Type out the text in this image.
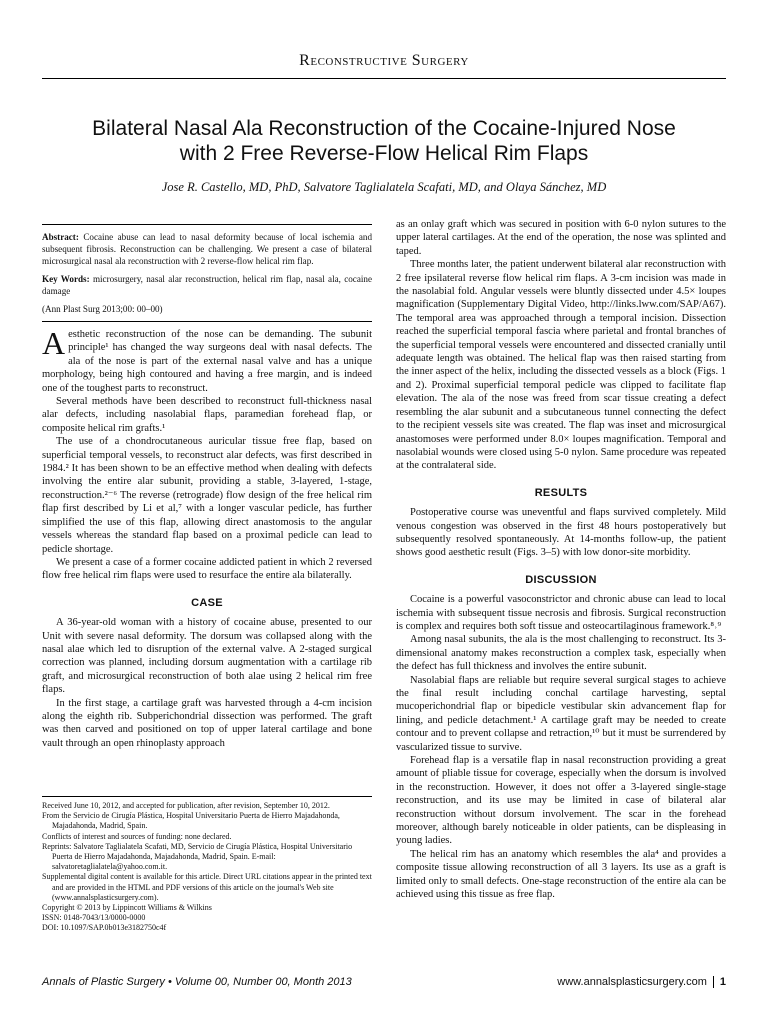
Reconstructive Surgery
Bilateral Nasal Ala Reconstruction of the Cocaine-Injured Nose
with 2 Free Reverse-Flow Helical Rim Flaps
Jose R. Castello, MD, PhD, Salvatore Taglialatela Scafati, MD, and Olaya Sánchez, MD
Abstract: Cocaine abuse can lead to nasal deformity because of local ischemia and subsequent fibrosis. Reconstruction can be challenging. We present a case of bilateral microsurgical nasal ala reconstruction with 2 reverse-flow helical rim flap.
Key Words: microsurgery, nasal alar reconstruction, helical rim flap, nasal ala, cocaine damage
(Ann Plast Surg 2013;00: 00–00)

Aesthetic reconstruction of the nose can be demanding. The subunit principle¹ has changed the way surgeons deal with nasal defects. The ala of the nose is part of the external nasal valve and has a unique morphology, being high contoured and having a free margin, and is indeed one of the toughest parts to reconstruct.

Several methods have been described to reconstruct full-thickness nasal alar defects, including nasolabial flaps, paramedian forehead flap, or composite helical rim grafts.¹

The use of a chondrocutaneous auricular tissue free flap, based on superficial temporal vessels, to reconstruct alar defects, was first described in 1984.² It has been shown to be an effective method when dealing with defects involving the entire alar subunit, providing a stable, 3-layered, 1-stage, reconstruction.²⁻⁶ The reverse (retrograde) flow design of the free helical rim flap first described by Li et al,⁷ with a longer vascular pedicle, has further simplified the use of this flap, allowing direct anastomosis to the angular vessels whereas the standard flap based on a proximal pedicle can lead to pedicle shortage.

We present a case of a former cocaine addicted patient in which 2 reversed flow free helical rim flaps were used to resurface the entire ala bilaterally.

CASE

A 36-year-old woman with a history of cocaine abuse, presented to our Unit with severe nasal deformity. The dorsum was collapsed along with the nasal alae which led to disruption of the external valve. A 2-staged surgical correction was planned, including dorsum augmentation with a cartilage rib graft, and microsurgical reconstruction of both alae using 2 helical rim free flaps.

In the first stage, a cartilage graft was harvested through a 4-cm incision along the eighth rib. Subperichondrial dissection was performed. The graft was then carved and positioned on top of upper lateral cartilage and bone vault through an open rhinoplasty approach

Received June 10, 2012, and accepted for publication, after revision, September 10, 2012.
From the Servicio de Cirugía Plástica, Hospital Universitario Puerta de Hierro Majadahonda, Majadahonda, Madrid, Spain.
Conflicts of interest and sources of funding: none declared.
Reprints: Salvatore Taglialatela Scafati, MD, Servicio de Cirugía Plástica, Hospital Universitario Puerta de Hierro Majadahonda, Majadahonda, Madrid, Spain. E-mail: salvatoretaglialatela@yahoo.com.it.
Supplemental digital content is available for this article. Direct URL citations appear in the printed text and are provided in the HTML and PDF versions of this article on the journal's Web site (www.annalsplasticsurgery.com).
Copyright © 2013 by Lippincott Williams & Wilkins
ISSN: 0148-7043/13/0000-0000
DOI: 10.1097/SAP.0b013e3182750c4f

as an onlay graft which was secured in position with 6-0 nylon sutures to the upper lateral cartilages. At the end of the operation, the nose was splinted and taped.

Three months later, the patient underwent bilateral alar reconstruction with 2 free ipsilateral reverse flow helical rim flaps. A 3-cm incision was made in the nasolabial fold. Angular vessels were bluntly dissected under 4.5× loupes magnification (Supplementary Digital Video, http://links.lww.com/SAP/A67). The temporal area was approached through a temporal incision. Dissection reached the superficial temporal fascia where parietal and frontal branches of the superficial temporal vessels were encountered and dissected cranially until adequate length was obtained. The helical flap was then raised starting from the inner aspect of the helix, including the dissected vessels as a block (Figs. 1 and 2). Proximal superficial temporal pedicle was clipped to facilitate flap elevation. The ala of the nose was freed from scar tissue creating a defect resembling the alar subunit and a subcutaneous tunnel connecting the defect to the recipient vessels site was created. The flap was inset and microsurgical anastomoses were performed under 8.0× loupes magnification. Temporal and nasolabial wounds were closed using 5-0 nylon. Same procedure was repeated at the contralateral side.

RESULTS

Postoperative course was uneventful and flaps survived completely. Mild venous congestion was observed in the first 48 hours postoperatively but subsequently resolved spontaneously. At 14-months follow-up, the patient shows good aesthetic result (Figs. 3–5) with low donor-site morbidity.

DISCUSSION

Cocaine is a powerful vasoconstrictor and chronic abuse can lead to local ischemia with subsequent tissue necrosis and fibrosis. Surgical reconstruction is complex and requires both soft tissue and osteocartilaginous framework.⁸˒⁹

Among nasal subunits, the ala is the most challenging to reconstruct. Its 3-dimensional anatomy makes reconstruction a complex task, especially when the defect has full thickness and involves the entire subunit.

Nasolabial flaps are reliable but require several surgical stages to achieve the final result including conchal cartilage harvesting, septal mucoperichondrial flap or bipedicle vestibular skin advancement flap for lining, and pedicle detachment.¹ A cartilage graft may be needed to create contour and to prevent collapse and retraction,¹⁰ but it must be surrendered by vascularized tissue to survive.

Forehead flap is a versatile flap in nasal reconstruction providing a great amount of pliable tissue for coverage, especially when the dorsum is involved in the reconstruction. However, it does not offer a 3-layered single-stage reconstruction, and its use may be limited in case of bilateral alar reconstruction without dorsum involvement. The scar in the forehead moreover, although barely noticeable in older patients, can be displeasing in young ladies.

The helical rim has an anatomy which resembles the ala⁴ and provides a composite tissue allowing reconstruction of all 3 layers. Its use as a graft is limited only to small defects. One-stage reconstruction of the entire ala can be achieved using this tissue as free flap.

Annals of Plastic Surgery • Volume 00, Number 00, Month 2013	www.annalsplasticsurgery.com 1
